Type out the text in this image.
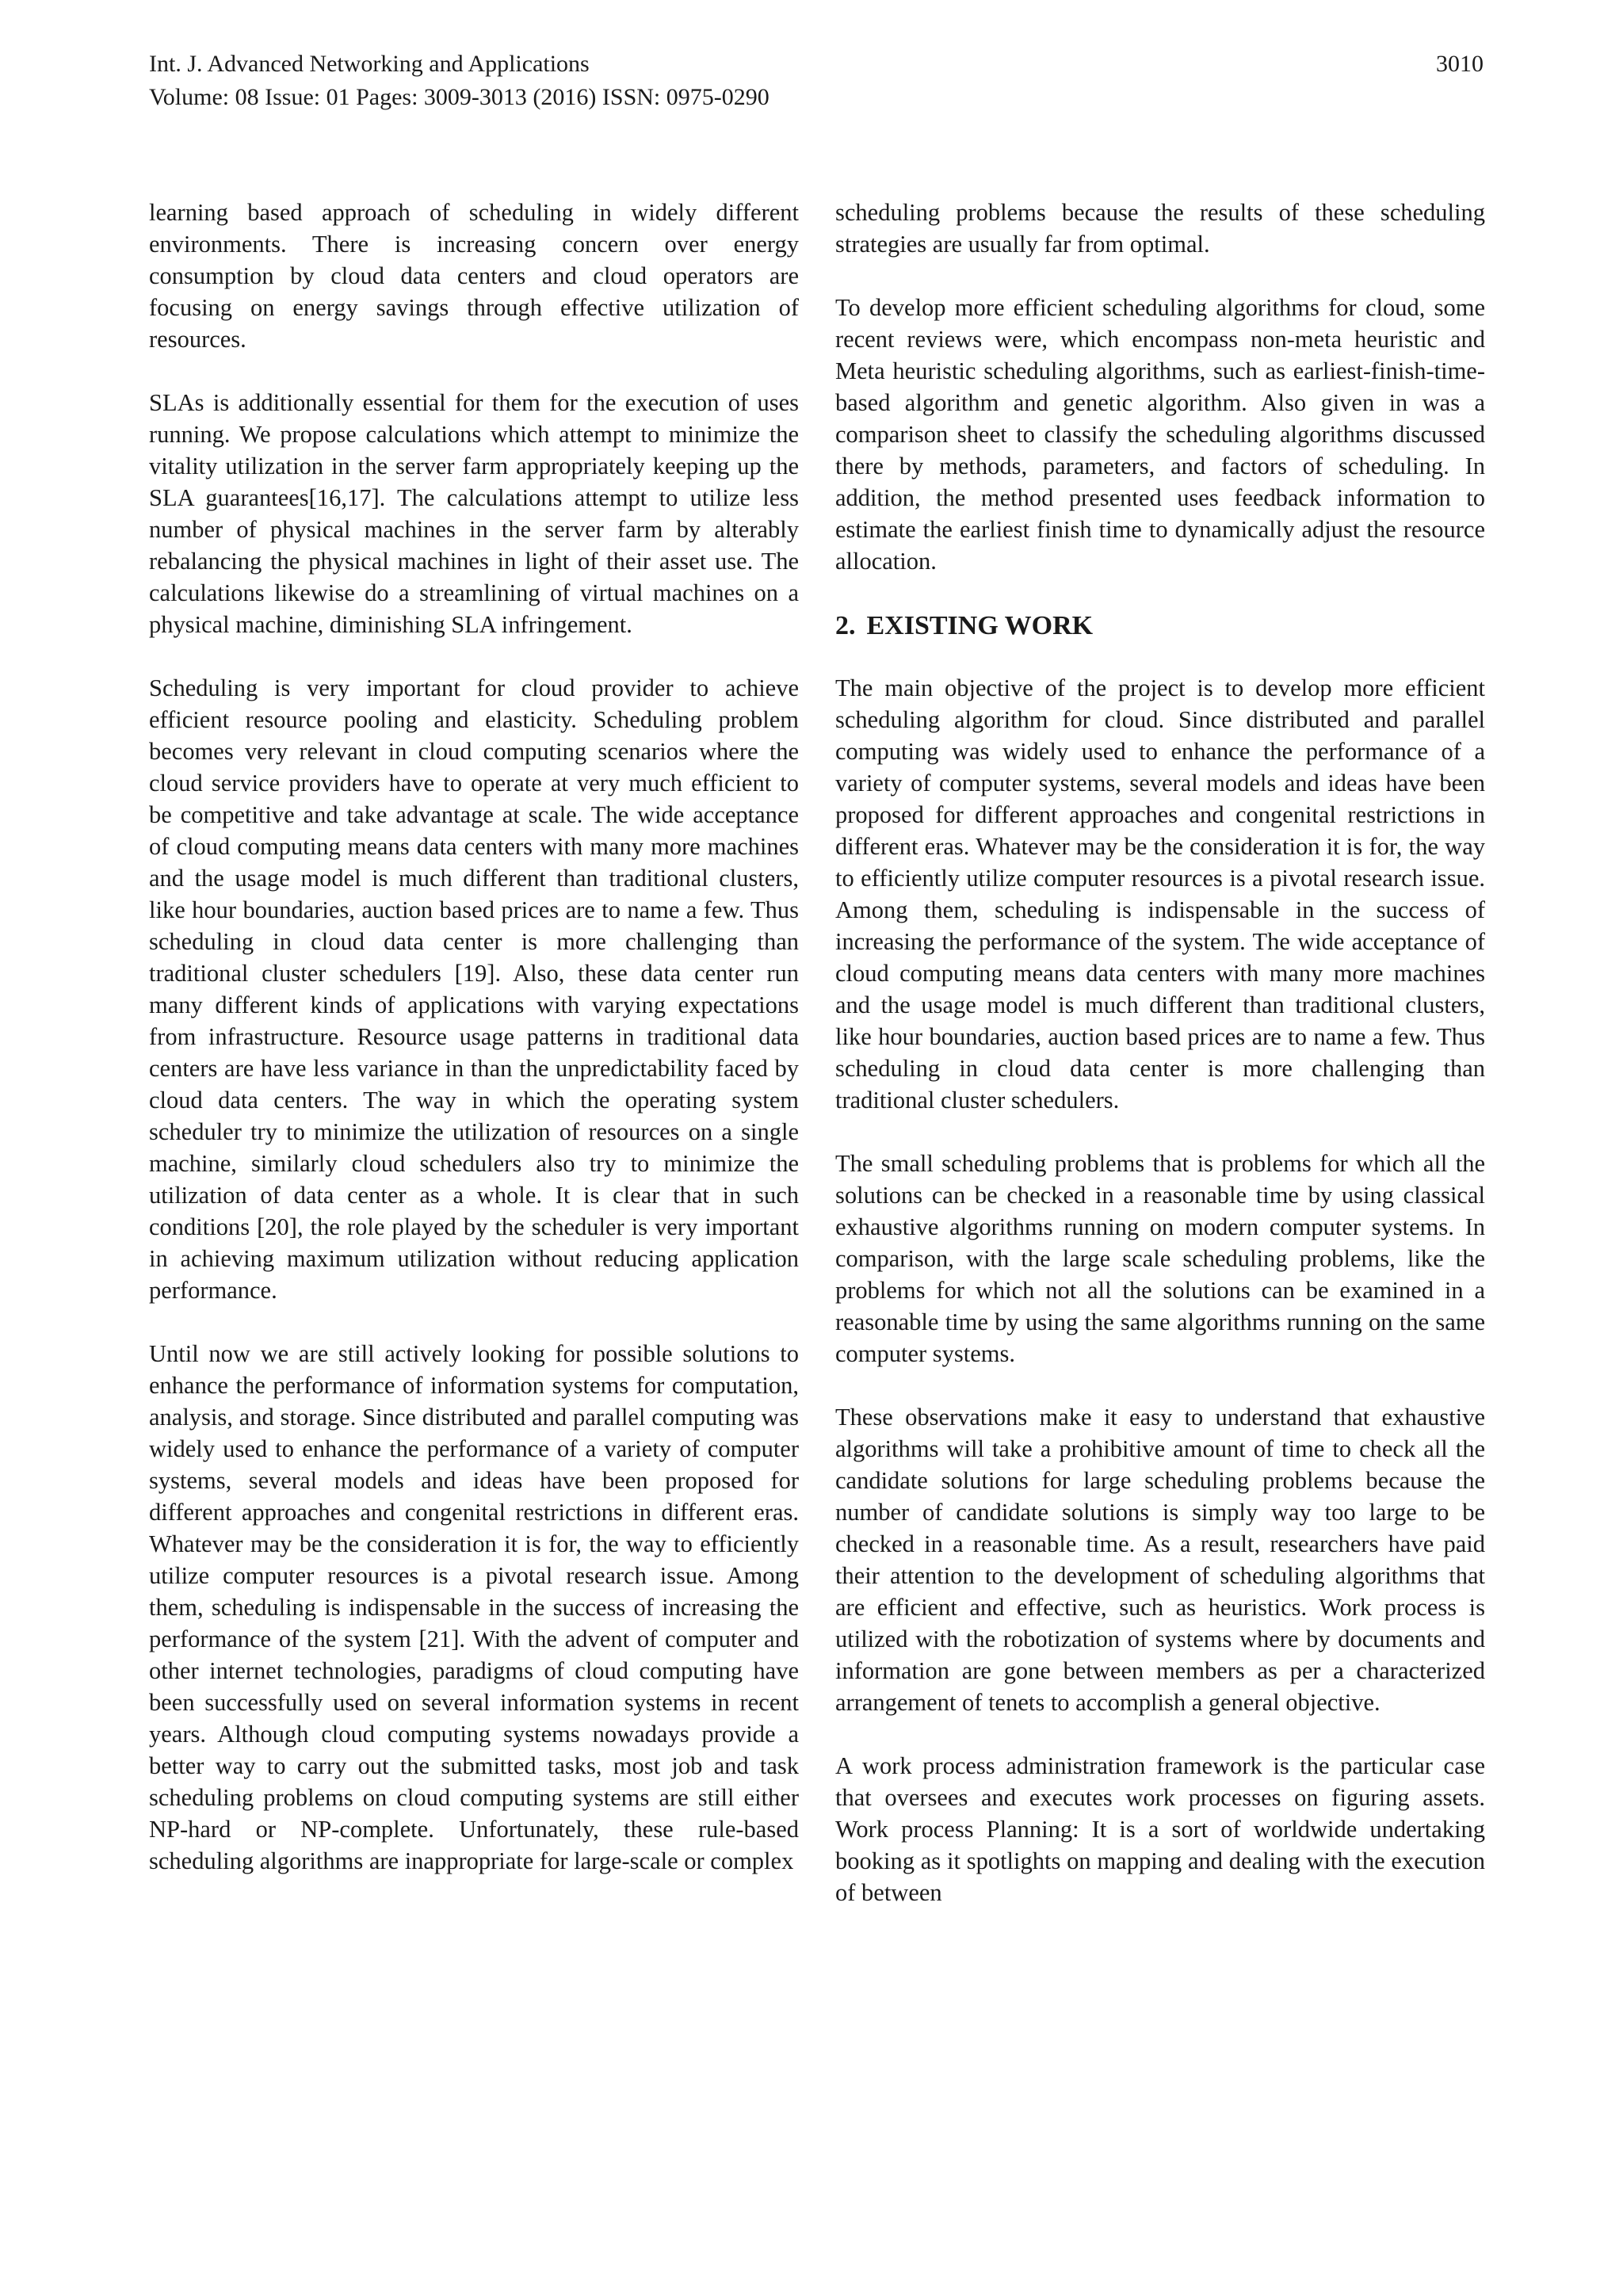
Int. J. Advanced Networking and Applications
Volume: 08 Issue: 01 Pages: 3009-3013 (2016) ISSN: 0975-0290
3010

learning based approach of scheduling in widely different environments. There is increasing concern over energy consumption by cloud data centers and cloud operators are focusing on energy savings through effective utilization of resources.

SLAs is additionally essential for them for the execution of uses running. We propose calculations which attempt to minimize the vitality utilization in the server farm appropriately keeping up the SLA guarantees[16,17]. The calculations attempt to utilize less number of physical machines in the server farm by alterably rebalancing the physical machines in light of their asset use. The calculations likewise do a streamlining of virtual machines on a physical machine, diminishing SLA infringement.

Scheduling is very important for cloud provider to achieve efficient resource pooling and elasticity. Scheduling problem becomes very relevant in cloud computing scenarios where the cloud service providers have to operate at very much efficient to be competitive and take advantage at scale. The wide acceptance of cloud computing means data centers with many more machines and the usage model is much different than traditional clusters, like hour boundaries, auction based prices are to name a few. Thus scheduling in cloud data center is more challenging than traditional cluster schedulers [19]. Also, these data center run many different kinds of applications with varying expectations from infrastructure. Resource usage patterns in traditional data centers are have less variance in than the unpredictability faced by cloud data centers. The way in which the operating system scheduler try to minimize the utilization of resources on a single machine, similarly cloud schedulers also try to minimize the utilization of data center as a whole. It is clear that in such conditions [20], the role played by the scheduler is very important in achieving maximum utilization without reducing application performance.

Until now we are still actively looking for possible solutions to enhance the performance of information systems for computation, analysis, and storage. Since distributed and parallel computing was widely used to enhance the performance of a variety of computer systems, several models and ideas have been proposed for different approaches and congenital restrictions in different eras. Whatever may be the consideration it is for, the way to efficiently utilize computer resources is a pivotal research issue. Among them, scheduling is indispensable in the success of increasing the performance of the system [21]. With the advent of computer and other internet technologies, paradigms of cloud computing have been successfully used on several information systems in recent years. Although cloud computing systems nowadays provide a better way to carry out the submitted tasks, most job and task scheduling problems on cloud computing systems are still either NP-hard or NP-complete. Unfortunately, these rule-based scheduling algorithms are inappropriate for large-scale or complex

scheduling problems because the results of these scheduling strategies are usually far from optimal.

To develop more efficient scheduling algorithms for cloud, some recent reviews were, which encompass non-meta heuristic and Meta heuristic scheduling algorithms, such as earliest-finish-time-based algorithm and genetic algorithm. Also given in was a comparison sheet to classify the scheduling algorithms discussed there by methods, parameters, and factors of scheduling. In addition, the method presented uses feedback information to estimate the earliest finish time to dynamically adjust the resource allocation.

2. EXISTING WORK

The main objective of the project is to develop more efficient scheduling algorithm for cloud. Since distributed and parallel computing was widely used to enhance the performance of a variety of computer systems, several models and ideas have been proposed for different approaches and congenital restrictions in different eras. Whatever may be the consideration it is for, the way to efficiently utilize computer resources is a pivotal research issue. Among them, scheduling is indispensable in the success of increasing the performance of the system. The wide acceptance of cloud computing means data centers with many more machines and the usage model is much different than traditional clusters, like hour boundaries, auction based prices are to name a few. Thus scheduling in cloud data center is more challenging than traditional cluster schedulers.

The small scheduling problems that is problems for which all the solutions can be checked in a reasonable time by using classical exhaustive algorithms running on modern computer systems. In comparison, with the large scale scheduling problems, like the problems for which not all the solutions can be examined in a reasonable time by using the same algorithms running on the same computer systems.

These observations make it easy to understand that exhaustive algorithms will take a prohibitive amount of time to check all the candidate solutions for large scheduling problems because the number of candidate solutions is simply way too large to be checked in a reasonable time. As a result, researchers have paid their attention to the development of scheduling algorithms that are efficient and effective, such as heuristics. Work process is utilized with the robotization of systems where by documents and information are gone between members as per a characterized arrangement of tenets to accomplish a general objective.

A work process administration framework is the particular case that oversees and executes work processes on figuring assets. Work process Planning: It is a sort of worldwide undertaking booking as it spotlights on mapping and dealing with the execution of between
